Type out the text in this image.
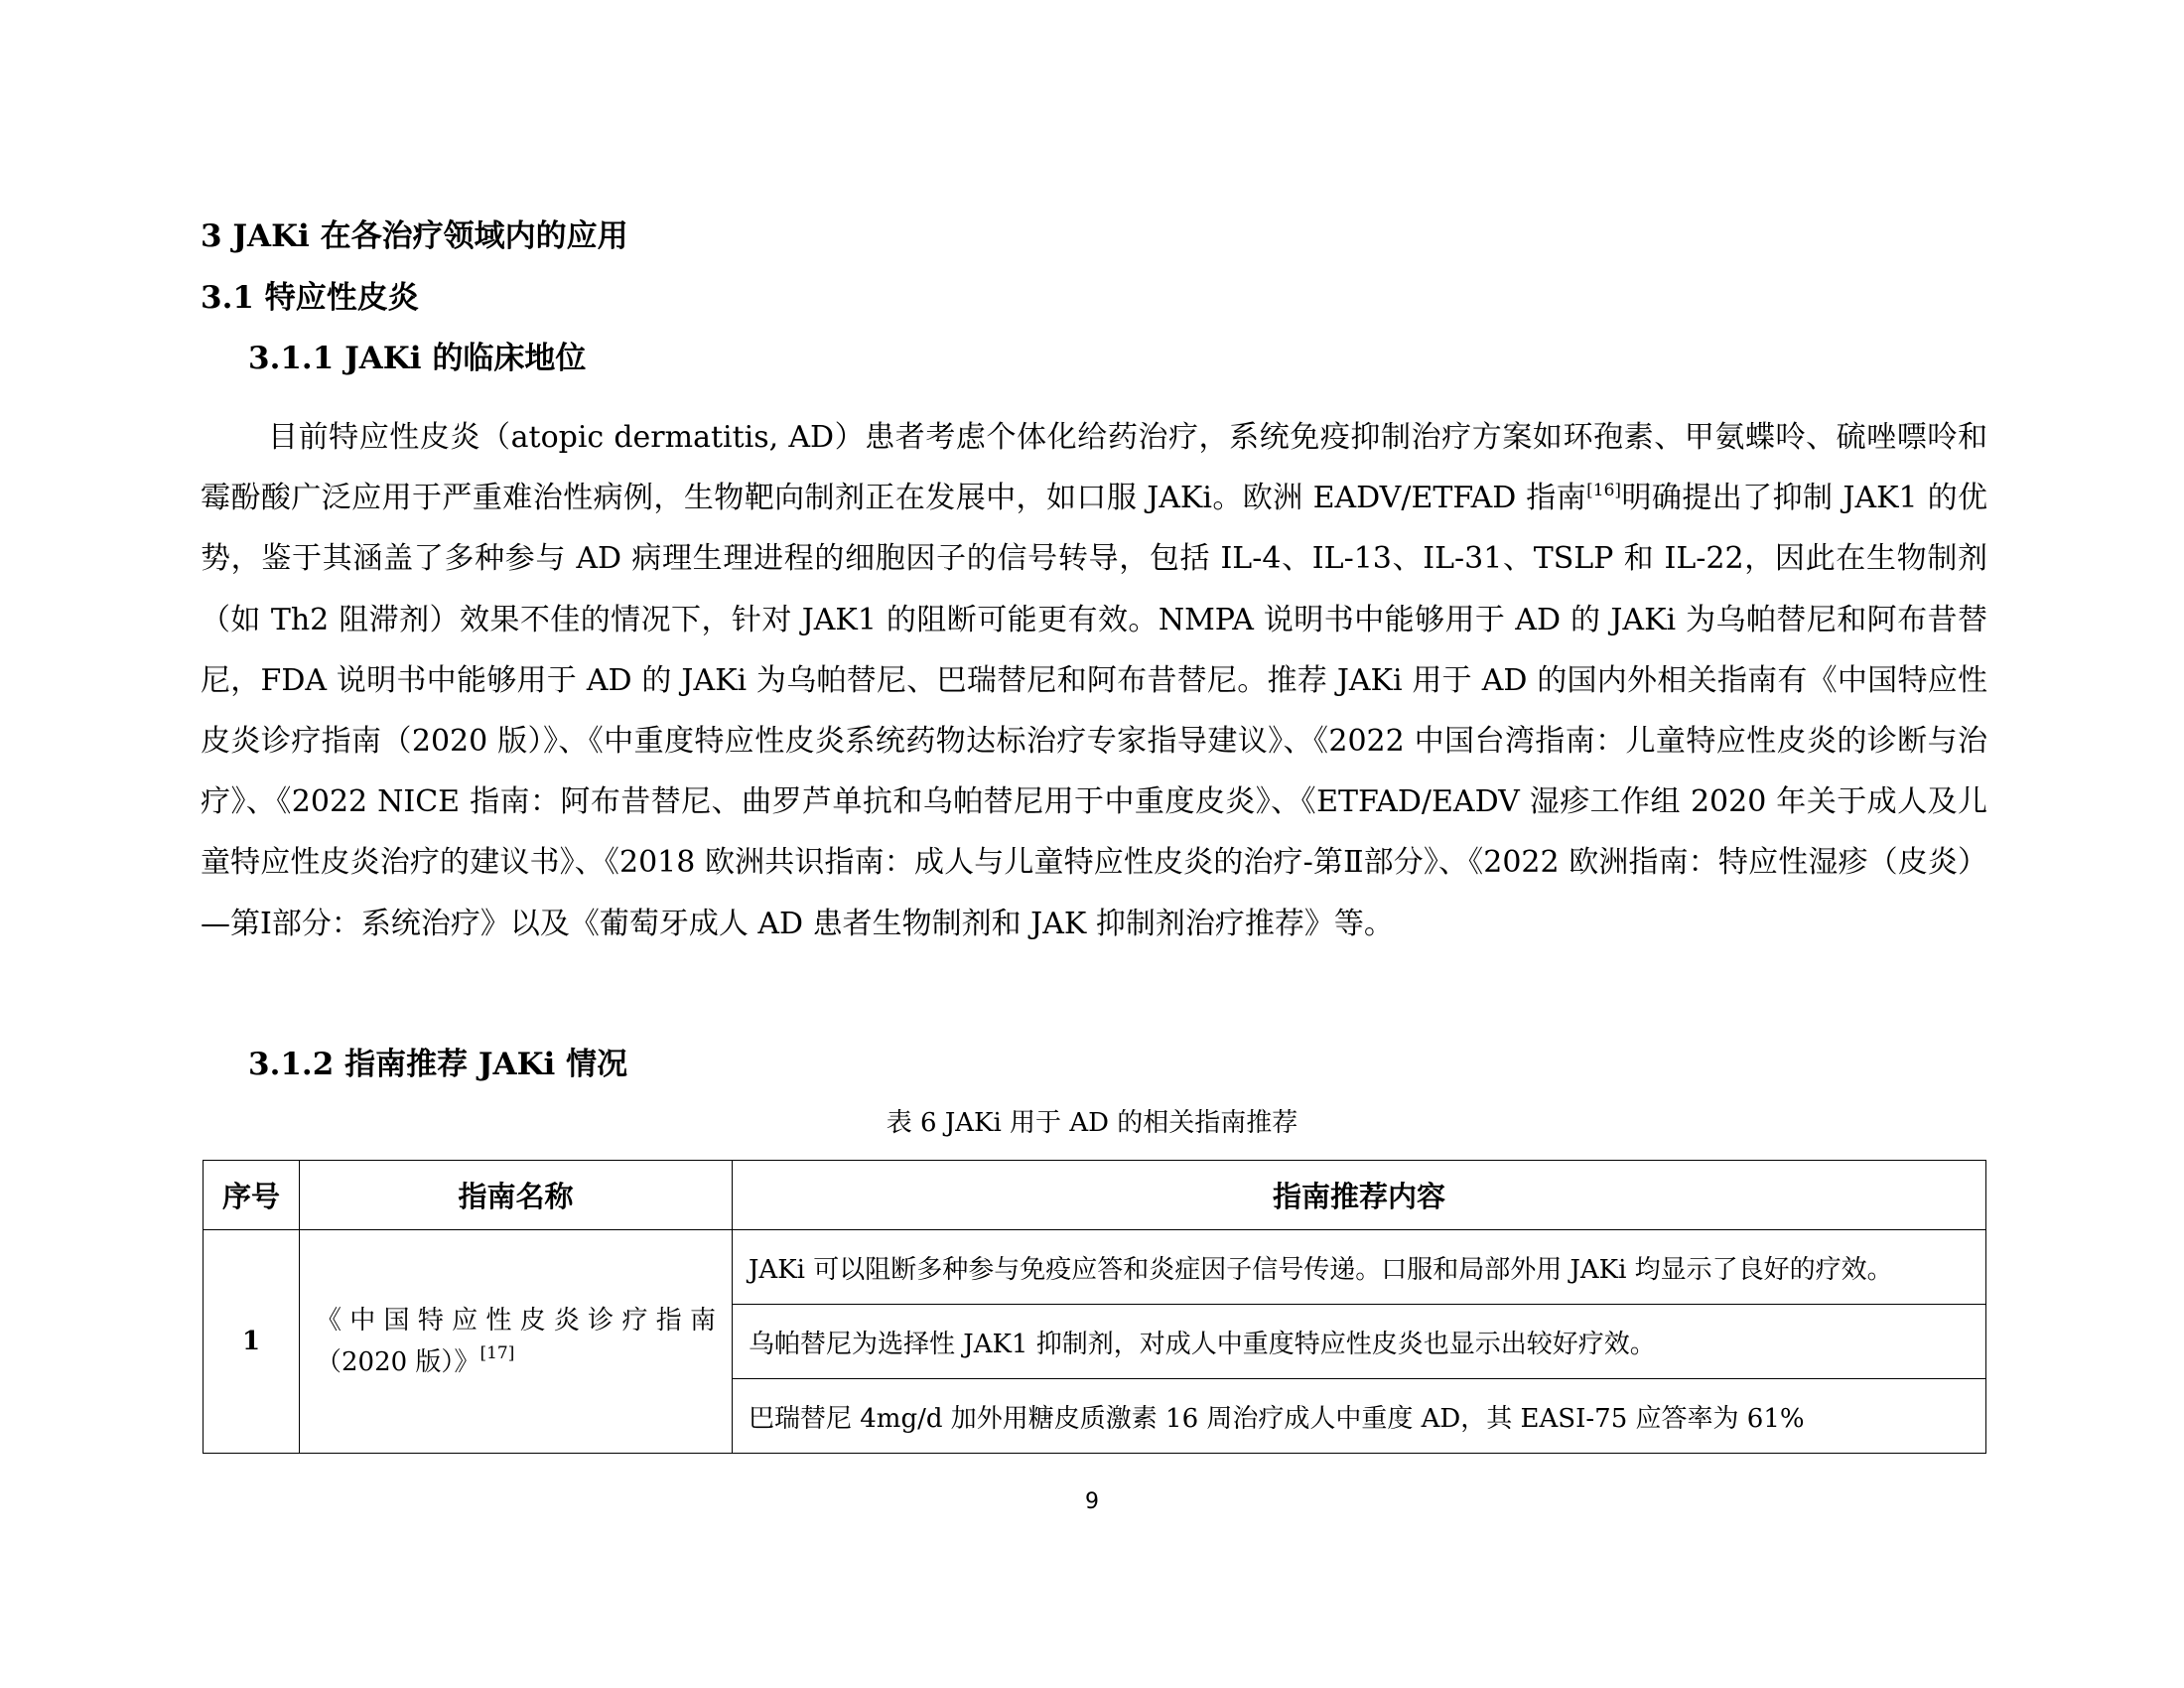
3 JAKi 在各治疗领域内的应用
3.1 特应性皮炎
3.1.1 JAKi 的临床地位

目前特应性皮炎（atopic dermatitis, AD）患者考虑个体化给药治疗，系统免疫抑制治疗方案如环孢素、甲氨蝶呤、硫唑嘌呤和霉酚酸广泛应用于严重难治性病例，生物靶向制剂正在发展中，如口服 JAKi。欧洲 EADV/ETFAD 指南[16]明确提出了抑制 JAK1 的优势，鉴于其涵盖了多种参与 AD 病理生理进程的细胞因子的信号转导，包括 IL-4、IL-13、IL-31、TSLP 和 IL-22，因此在生物制剂（如 Th2 阻滞剂）效果不佳的情况下，针对 JAK1 的阻断可能更有效。NMPA 说明书中能够用于 AD 的 JAKi 为乌帕替尼和阿布昔替尼，FDA 说明书中能够用于 AD 的 JAKi 为乌帕替尼、巴瑞替尼和阿布昔替尼。推荐 JAKi 用于 AD 的国内外相关指南有《中国特应性皮炎诊疗指南（2020 版）》、《中重度特应性皮炎系统药物达标治疗专家指导建议》、《2022 中国台湾指南：儿童特应性皮炎的诊断与治疗》、《2022 NICE 指南：阿布昔替尼、曲罗芦单抗和乌帕替尼用于中重度皮炎》、《ETFAD/EADV 湿疹工作组 2020 年关于成人及儿童特应性皮炎治疗的建议书》、《2018 欧洲共识指南：成人与儿童特应性皮炎的治疗-第Ⅱ部分》、《2022 欧洲指南：特应性湿疹（皮炎）—第Ⅰ部分：系统治疗》以及《葡萄牙成人 AD 患者生物制剂和 JAK 抑制剂治疗推荐》等。

3.1.2 指南推荐 JAKi 情况
表 6 JAKi 用于 AD 的相关指南推荐
序号	指南名称	指南推荐内容
1	《中国特应性皮炎诊疗指南（2020 版）》[17]	JAKi 可以阻断多种参与免疫应答和炎症因子信号传递。口服和局部外用 JAKi 均显示了良好的疗效。
		乌帕替尼为选择性 JAK1 抑制剂，对成人中重度特应性皮炎也显示出较好疗效。
		巴瑞替尼 4mg/d 加外用糖皮质激素 16 周治疗成人中重度 AD，其 EASI-75 应答率为 61%
9
